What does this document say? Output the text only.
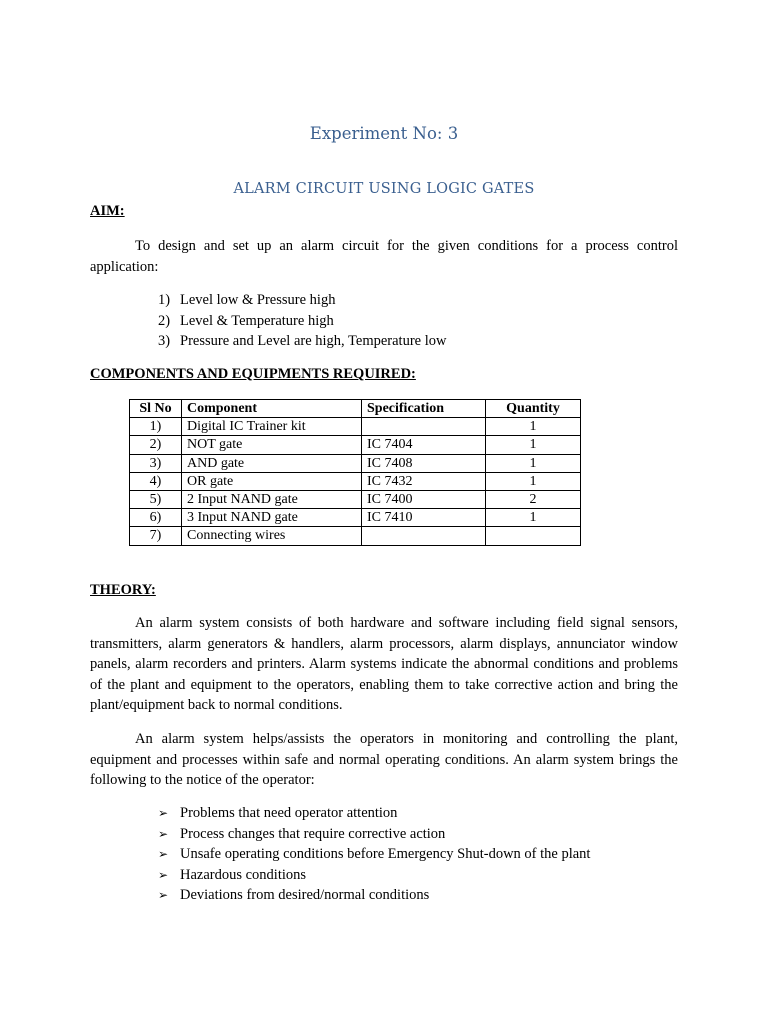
Experiment No: 3
ALARM CIRCUIT USING LOGIC GATES
AIM:
To design and set up an alarm circuit for the given conditions for a process control application:
1) Level low & Pressure high
2) Level & Temperature high
3) Pressure and Level are high, Temperature low
COMPONENTS AND EQUIPMENTS REQUIRED:
Sl No	Component	Specification	Quantity
1)	Digital IC Trainer kit		1
2)	NOT gate	IC 7404	1
3)	AND gate	IC 7408	1
4)	OR gate	IC 7432	1
5)	2 Input NAND gate	IC 7400	2
6)	3 Input NAND gate	IC 7410	1
7)	Connecting wires		
THEORY:
An alarm system consists of both hardware and software including field signal sensors, transmitters, alarm generators & handlers, alarm processors, alarm displays, annunciator window panels, alarm recorders and printers. Alarm systems indicate the abnormal conditions and problems of the plant and equipment to the operators, enabling them to take corrective action and bring the plant/equipment back to normal conditions.
An alarm system helps/assists the operators in monitoring and controlling the plant, equipment and processes within safe and normal operating conditions. An alarm system brings the following to the notice of the operator:
➢ Problems that need operator attention
➢ Process changes that require corrective action
➢ Unsafe operating conditions before Emergency Shut-down of the plant
➢ Hazardous conditions
➢ Deviations from desired/normal conditions
